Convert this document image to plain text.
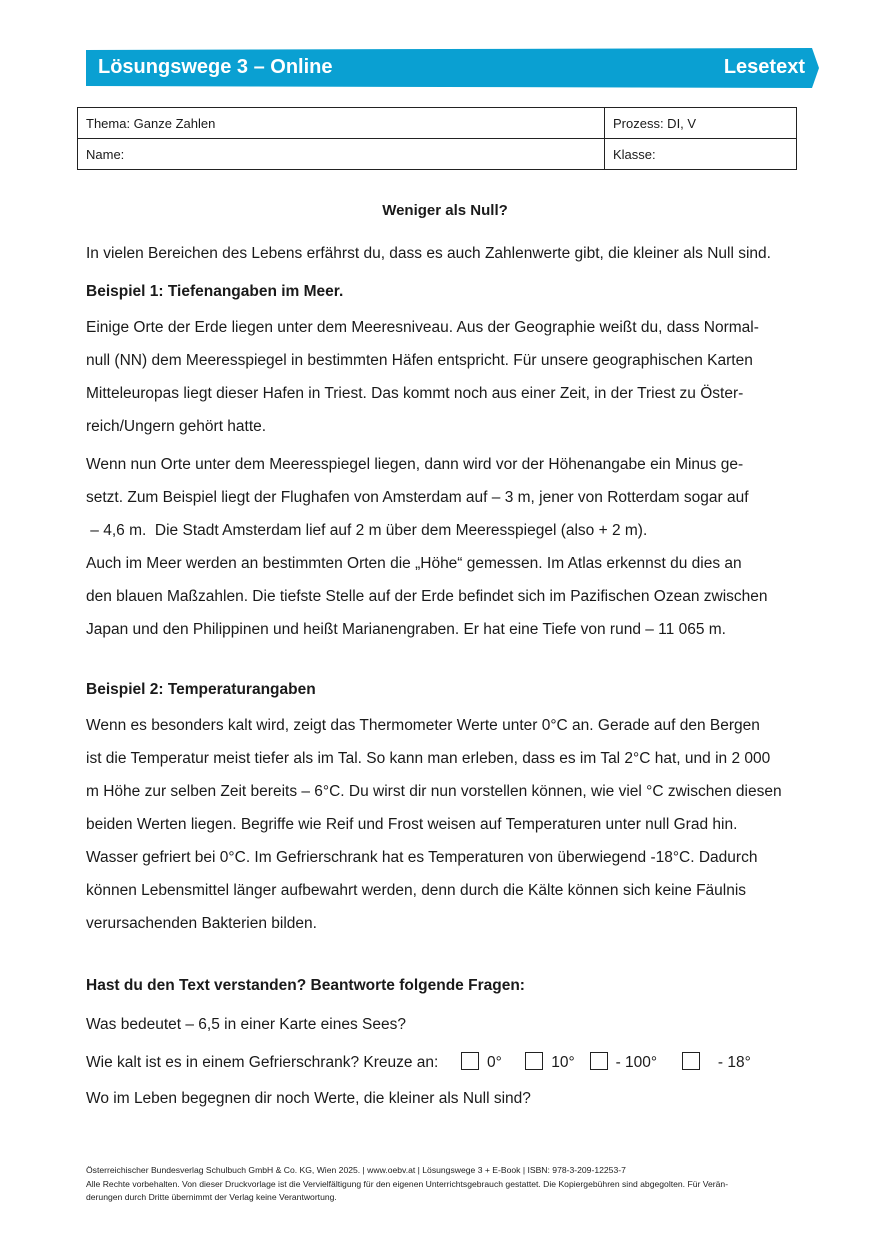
Lösungswege 3 – Online	Lesetext
Thema: Ganze Zahlen	Prozess: DI, V
Name:	Klasse:
Weniger als Null?
In vielen Bereichen des Lebens erfährst du, dass es auch Zahlenwerte gibt, die kleiner als Null sind.
Beispiel 1: Tiefenangaben im Meer.
Einige Orte der Erde liegen unter dem Meeresniveau. Aus der Geographie weißt du, dass Normal-
null (NN) dem Meeresspiegel in bestimmten Häfen entspricht. Für unsere geographischen Karten
Mitteleuropas liegt dieser Hafen in Triest. Das kommt noch aus einer Zeit, in der Triest zu Öster-
reich/Ungern gehört hatte.
Wenn nun Orte unter dem Meeresspiegel liegen, dann wird vor der Höhenangabe ein Minus ge-
setzt. Zum Beispiel liegt der Flughafen von Amsterdam auf – 3 m, jener von Rotterdam sogar auf
– 4,6 m.  Die Stadt Amsterdam lief auf 2 m über dem Meeresspiegel (also + 2 m).
Auch im Meer werden an bestimmten Orten die „Höhe“ gemessen. Im Atlas erkennst du dies an
den blauen Maßzahlen. Die tiefste Stelle auf der Erde befindet sich im Pazifischen Ozean zwischen
Japan und den Philippinen und heißt Marianengraben. Er hat eine Tiefe von rund – 11 065 m.
Beispiel 2: Temperaturangaben
Wenn es besonders kalt wird, zeigt das Thermometer Werte unter 0°C an. Gerade auf den Bergen
ist die Temperatur meist tiefer als im Tal. So kann man erleben, dass es im Tal 2°C hat, und in 2 000
m Höhe zur selben Zeit bereits – 6°C. Du wirst dir nun vorstellen können, wie viel °C zwischen diesen
beiden Werten liegen. Begriffe wie Reif und Frost weisen auf Temperaturen unter null Grad hin.
Wasser gefriert bei 0°C. Im Gefrierschrank hat es Temperaturen von überwiegend -18°C. Dadurch
können Lebensmittel länger aufbewahrt werden, denn durch die Kälte können sich keine Fäulnis
verursachenden Bakterien bilden.
Hast du den Text verstanden? Beantworte folgende Fragen:
Was bedeutet – 6,5 in einer Karte eines Sees?
Wie kalt ist es in einem Gefrierschrank? Kreuze an:	0°	10°	- 100°	- 18°
Wo im Leben begegnen dir noch Werte, die kleiner als Null sind?
Österreichischer Bundesverlag Schulbuch GmbH & Co. KG, Wien 2025. | www.oebv.at | Lösungswege 3 + E-Book | ISBN: 978-3-209-12253-7
Alle Rechte vorbehalten. Von dieser Druckvorlage ist die Vervielfältigung für den eigenen Unterrichtsgebrauch gestattet. Die Kopiergebühren sind abgegolten. Für Verän-
derungen durch Dritte übernimmt der Verlag keine Verantwortung.
